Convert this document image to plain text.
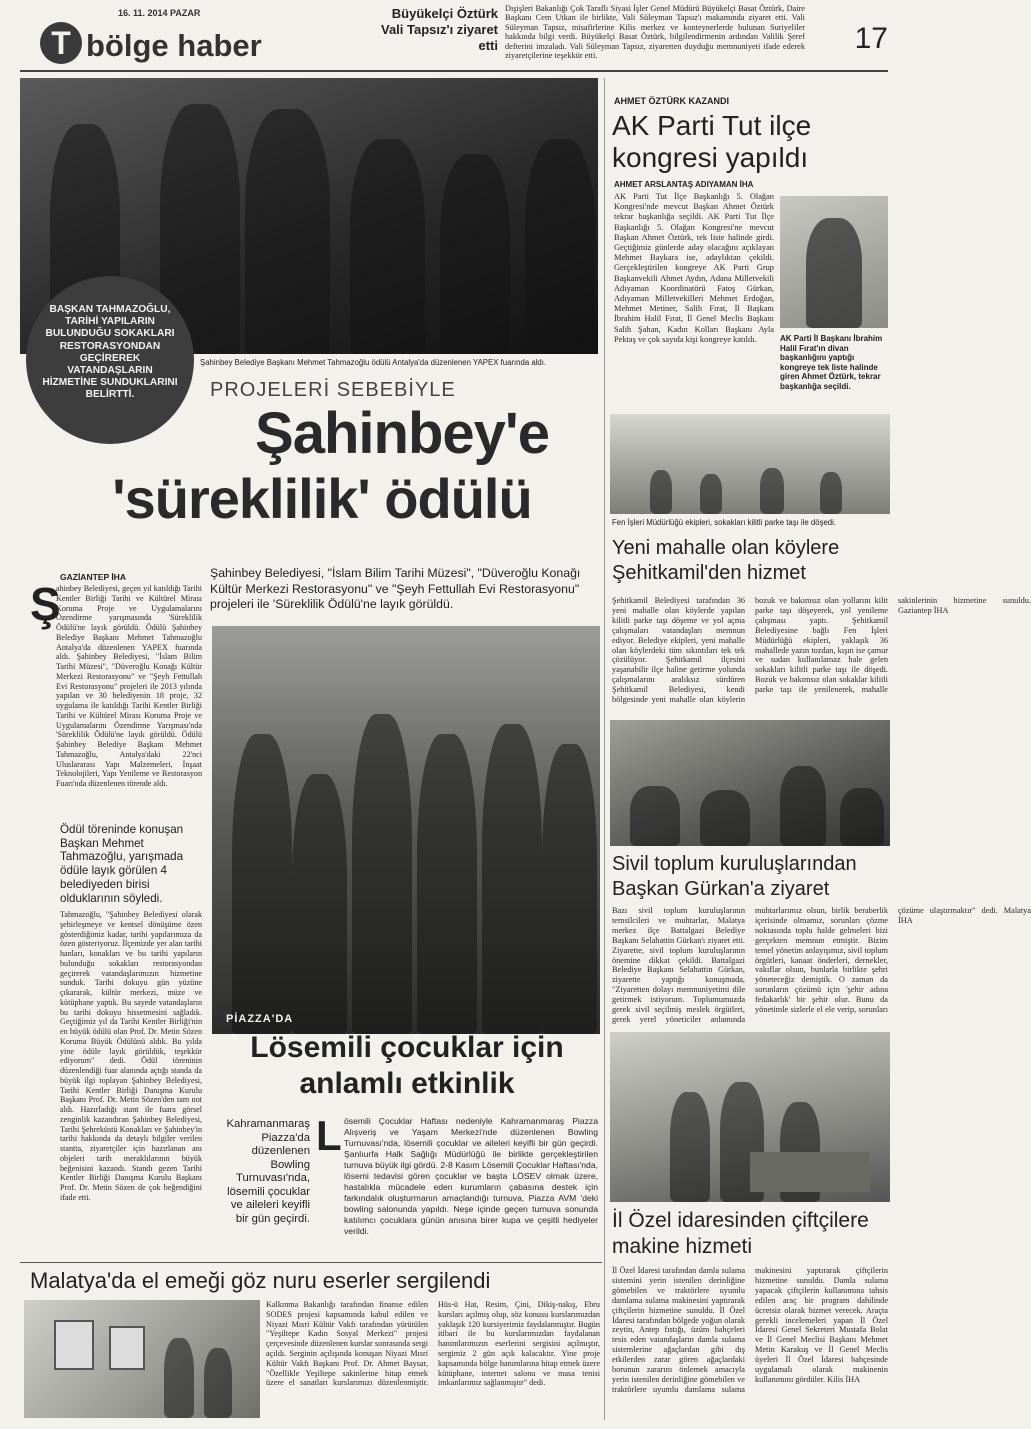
16. 11. 2014 PAZAR
T bölge haber
Büyükelçi Öztürk Vali Tapsız'ı ziyaret etti
Dışişleri Bakanlığı Çok Taraflı Siyasi İşler Genel Müdürü Büyükelçi Basat Öztürk, Daire Başkanı Cem Utkan ile birlikte, Vali Süleyman Tapsız'ı makamında ziyaret etti. Vali Süleyman Tapsız, misafirlerine Kilis merkez ve konteynerlerde bulunan Suriyeliler hakkında bilgi verdi. Büyükelçi Basat Öztürk, bilgilendirmenin ardından Valilik Şeref defterini imzaladı. Vali Süleyman Tapsız, ziyaretten duyduğu memnuniyeti ifade ederek ziyaretçilerine teşekkür etti.
17
Şahinbey Belediye Başkanı Mehmet Tahmazoğlu ödülü Antalya'da düzenlenen YAPEX fuarında aldı.
BAŞKAN TAHMAZOĞLU, TARİHİ YAPILARIN BULUNDUĞU SOKAKLARI RESTORASYONDAN GEÇİREREK VATANDAŞLARIN HİZMETİNE SUNDUKLARINI BELİRTTİ.	PROJELERİ SEBEBİYLE
Şahinbey'e
'süreklilik' ödülü
Şahinbey Belediyesi, "İslam Bilim Tarihi Müzesi", "Düveroğlu Konağı Kültür Merkezi Restorasyonu" ve "Şeyh Fettullah Evi Restorasyonu" projeleri ile 'Süreklilik Ödülü'ne layık görüldü.
GAZİANTEP İHA
Ş
ahinbey Belediyesi, geçen yıl katıldığı Tarihi Kentler Birliği Tarihi ve Kültürel Mirası Koruma Proje ve Uygulamalarını Özendirme yarışmasında 'Süreklilik Ödülü'ne layık görüldü. Ödülü Şahinbey Belediye Başkanı Mehmet Tahmazoğlu Antalya'da düzenlenen YAPEX fuarında aldı. Şahinbey Belediyesi, "İslam Bilim Tarihi Müzesi", "Düveroğlu Konağı Kültür Merkezi Restorasyonu" ve "Şeyh Fettullah Evi Restorasyonu" projeleri ile 2013 yılında yapılan ve 30 belediyenin 18 proje, 32 uygulama ile katıldığı Tarihi Kentler Birliği Tarihi ve Kültürel Mirası Koruma Proje ve Uygulamalarını Özendirme Yarışması'nda 'Süreklilik Ödülü'ne layık görüldü. Ödülü Şahinbey Belediye Başkanı Mehmet Tahmazoğlu, Antalya'daki 22'nci Uluslararası Yapı Malzemeleri, İnşaat Teknolojileri, Yapı Yenileme ve Restorasyon Fuarı'nda düzenlenen törende aldı.
Ödül töreninde konuşan Başkan Mehmet Tahmazoğlu, yarışmada ödüle layık görülen 4 belediyeden birisi olduklarının söyledi.
Tahmazoğlu, "Şahinbey Belediyesi olarak şehirleşmeye ve kentsel dönüşüme özen gösterdiğimiz kadar, tarihi yapılarımıza da özen gösteriyoruz. İlçemizde yer alan tarihi hanları, konakları ve bu tarihi yapıların bulunduğu sokakları restorasyondan geçirerek vatandaşlarımızın hizmetine sunduk. Tarihi dokuyu gün yüzüne çıkararak, kültür merkezi, müze ve kütüphane yaptık. Bu sayede vatandaşların bu tarihi dokuyu hissetmesini sağladık. Geçtiğimiz yıl da Tarihi Kentler Birliği'nin en büyük ödülü olan Prof. Dr. Metin Sözen Koruma Büyük Ödülünü aldık. Bu yılda yine ödüle layık görüldük, teşekkür ediyorum" dedi. Ödül töreninin düzenlendiği fuar alanında açtığı standa da büyük ilgi toplayan Şahinbey Belediyesi, Tarihi Kentler Birliği Danışma Kurulu Başkanı Prof. Dr. Metin Sözen'den tam not aldı. Hazırladığı stant ile fuara görsel zenginlik kazandıran Şahinbey Belediyesi, Tarihi Şehreküstü Konakları ve Şahinbey'in tarihi hakkında da detaylı bilgiler verilen stantta, ziyaretçiler için hazırlanan anı objeleri tarih meraklılarının büyük beğenisini kazandı. Standı gezen Tarihi Kentler Birliği Danışma Kurulu Başkanı Prof. Dr. Metin Sözen de çok beğendiğini ifade etti.
PİAZZA'DA
Lösemili çocuklar için anlamlı etkinlik
Kahramanmaraş Piazza'da düzenlenen Bowling Turnuvası'nda, lösemili çocuklar ve aileleri keyifli bir gün geçirdi.
L ösemili Çocuklar Haftası nedeniyle Kahramanmaraş Piazza Alışveriş ve Yaşam Merkezi'nde düzenlenen Bowling Turnuvası'nda, lösemili çocuklar ve aileleri keyifli bir gün geçirdi. Şanlıurfa Halk Sağlığı Müdürlüğü ile birlikte gerçekleştirilen turnuva büyük ilgi gördü. 2-8 Kasım Lösemili Çocuklar Haftası'nda, lösemi tedavisi gören çocuklar ve başta LÖSEV olmak üzere, hastalıkla mücadele eden kurumların çabasına destek için farkındalık oluşturmanın amaçlandığı turnuva, Piazza AVM 'deki bowling salonunda yapıldı. Neşe içinde geçen turnuva sonunda katılımcı çocuklara günün anısına birer kupa ve çeşitli hediyeler verildi.
Malatya'da el emeği göz nuru eserler sergilendi
Kalkınma Bakanlığı tarafından finanse edilen SODES projesi kapsamında kabul edilen ve Niyazi Mısri Kültür Vakfı tarafından yürütülen "Yeşiltepe Kadın Sosyal Merkezi" projesi çerçevesinde düzenlenen kurslar sonrasında sergi açıldı. Serginin açılışında konuşan Niyazi Mısri Kültür Vakfı Başkanı Prof. Dr. Ahmet Baysar, "Özellikle Yeşiltepe sakinlerine hitap etmek üzere el sanatları kurslarımızı düzenlenmiştir. Hüs-ü Hat, Resim, Çini, Dikiş-nakış, Ebru kursları açılmış olup, söz konusu kurslarımızdan yaklaşık 120 kursiyerimiz faydalanmıştır. Bugün itibari ile bu kurslarımızdan faydalanan hanımlarımızın eserlerini sergisini açılmıştır, sergimiz 2 gün açık kalacaktır. Yine proje kapsamında bölge hanımlarına hitap etmek üzere kütüphane, internet salonu ve masa tenisi imkanlarımız sağlanmıştır" dedi.
AHMET ÖZTÜRK KAZANDI
AK Parti Tut ilçe kongresi yapıldı
AHMET ARSLANTAŞ ADIYAMAN İHA
AK Parti Tut İlçe Başkanlığı 5. Olağan Kongresi'nde mevcut Başkan Ahmet Öztürk tekrar başkanlığa seçildi. AK Parti Tut İlçe Başkanlığı 5. Olağan Kongresi'ne mevcut Başkan Ahmet Öztürk, tek liste halinde girdi. Geçtiğimiz günlerde aday olacağını açıklayan Mehmet Baykara ise, adaylıktan çekildi. Gerçekleştirilen kongreye AK Parti Grup Başkanvekili Ahmet Aydın, Adana Milletvekili Adıyaman Koordinatörü Fatoş Gürkan, Adıyaman Milletvekilleri Mehmet Erdoğan, Mehmet Metiner, Salih Fırat, İl Başkanı İbrahim Halil Fırat, İl Genel Meclis Başkanı Salih Şahan, Kadın Kolları Başkanı Ayla Pektaş ve çok sayıda kişi kongreye katıldı.	AK Parti İl Başkanı İbrahim Halil Fırat'ın divan başkanlığını yaptığı kongreye tek liste halinde giren Ahmet Öztürk, tekrar başkanlığa seçildi.
Fen İşleri Müdürlüğü ekipleri, sokakları kilitli parke taşı ile döşedi.
Yeni mahalle olan köylere Şehitkamil'den hizmet
Şehitkamil Belediyesi tarafından 36 yeni mahalle olan köylerde yapılan kilitli parke taşı döşeme ve yol açma çalışmaları vatandaşları memnun ediyor. Belediye ekipleri, yeni mahalle olan köylerdeki tüm sıkıntıları tek tek çözülüyor. Şehitkamil ilçesini yaşanabilir ilçe haline getirme yolunda çalışmalarını aralıksız sürdüren Şehitkamil Belediyesi, kendi bölgesinde yeni mahalle olan köylerin bozuk ve bakımsız olan yollarını kilit parke taşı döşeyerek, yol yenileme çalışması yaptı. Şehitkamil Belediyesine bağlı Fen İşleri Müdürlüğü ekipleri, yaklaşık 36 mahallede yazın tozdan, kışın ise çamur ve sudan kullanılamaz hale gelen sokakları kilitli parke taşı ile döşedi. Bozuk ve bakımsız olan sokaklar kilitli parke taşı ile yenilenerek, mahalle sakinlerinin hizmetine sunuldu. Gaziantep İHA
Sivil toplum kuruluşlarından Başkan Gürkan'a ziyaret
Bazı sivil toplum kuruluşlarının temsilcileri ve muhtarlar, Malatya merkez ilçe Battalgazi Belediye Başkanı Selahattin Gürkan'ı ziyaret etti. Ziyarette, sivil toplum kuruluşlarının önemine dikkat çekildi. Battalgazi Belediye Başkanı Selahattin Gürkan, ziyarette yaptığı konuşmada, "Ziyaretten dolayı memnuniyetimi dile getirmek istiyorum. Toplumumuzda gerek sivil seçilmiş meslek örgütleri, gerek yerel yöneticiler anlamında muhtarlarımız olsun, birlik beraberlik içerisinde olmamız, sorunları çözme noktasında toplu halde gelmeleri bizi gerçekten memnun etmiştir. Bizim temel yönetim anlayışımız, sivil toplum örgütleri, kanaat önderleri, dernekler, vakıflar olsun, bunlarla birlikte şehri yöneteceğiz demiştik. O zaman da sorunların çözümü için 'şehir adına fedakarlık' bir şehir olur. Bunu da yönetimle sizlerle el ele verip, sorunları çözüme ulaştırmaktır" dedi. Malatya İHA
İl Özel idaresinden çiftçilere makine hizmeti
İl Özel İdaresi tarafından damla sulama sistemini yerin istenilen derinliğine gömebilen ve traktörlere uyumlu damlama sulama makinesini yaptırarak çiftçilerin hizmetine sunuldu. İl Özel İdaresi tarafından bölgede yoğun olarak zeytin, Antep fıstığı, üzüm bahçeleri tesis eden vatandaşların damla sulama sistemlerine ağaçlardan gibi dış etkilerden zarar gören ağaçlardaki borunun zararını önlemek amacıyla yerin istenilen derinliğine gömebilen ve traktörlere uyumlu damlama sulama makinesini yaptırarak çiftçilerin hizmetine sunuldu. Damla sulama yapacak çiftçilerin kullanımına tahsis edilen araç bir program dahilinde ücretsiz olarak hizmet verecek. Araçta gerekli incelemeleri yapan İl Özel İdaresi Genel Sekreteri Mustafa Bolat ve İl Genel Meclisi Başkanı Mehmet Metin Karakuş ve İl Genel Meclis üyeleri İl Özel İdaresi bahçesinde uygulamalı olarak makinenin kullanımını gördüler. Kilis İHA
